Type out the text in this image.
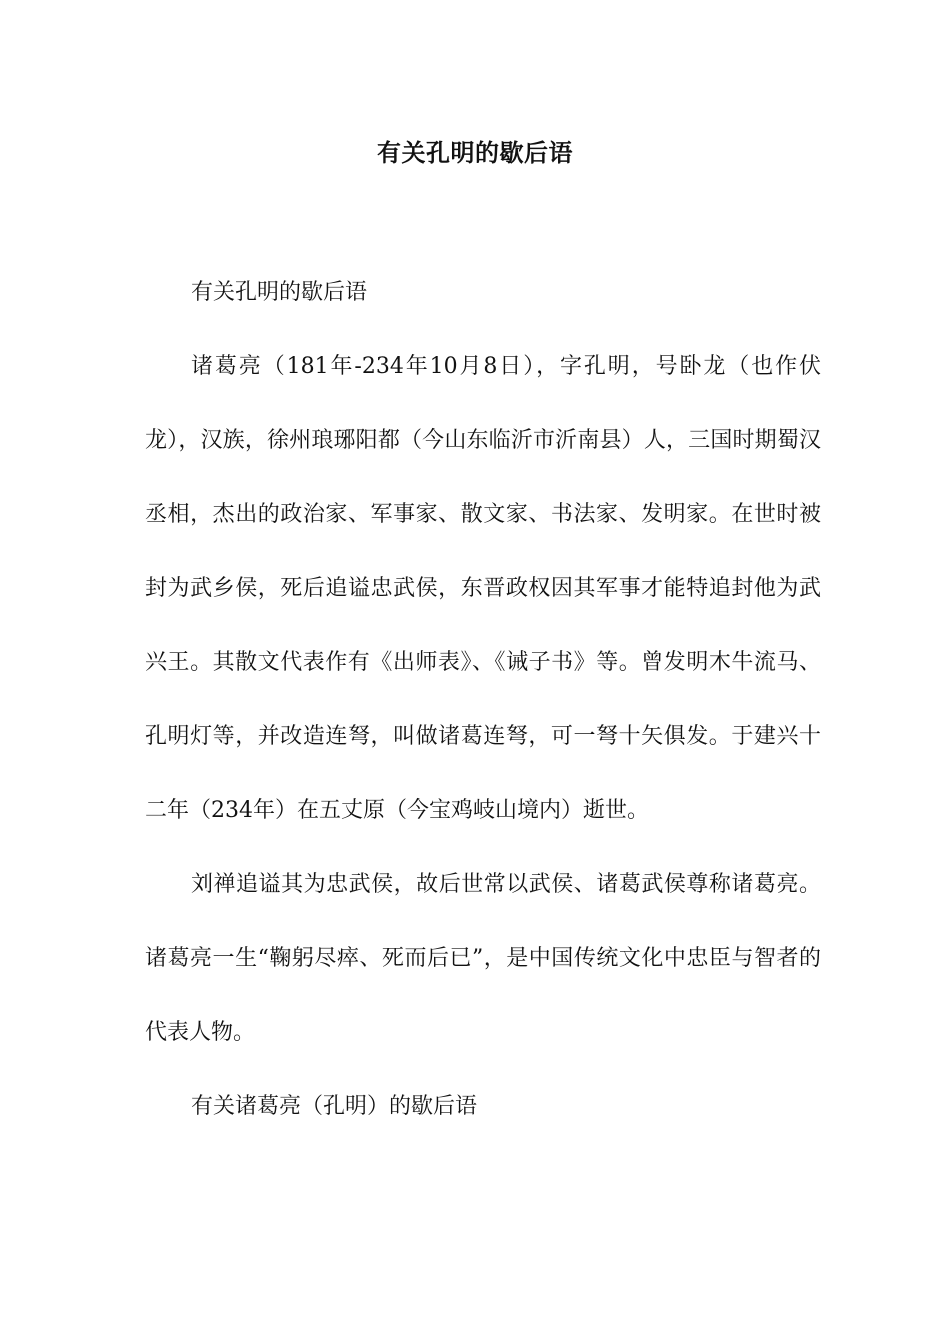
有关孔明的歇后语

有关孔明的歇后语

诸葛亮（181年-234年10月8日），字孔明，号卧龙（也作伏龙），汉族，徐州琅琊阳都（今山东临沂市沂南县）人，三国时期蜀汉丞相，杰出的政治家、军事家、散文家、书法家、发明家。在世时被封为武乡侯，死后追谥忠武侯，东晋政权因其军事才能特追封他为武兴王。其散文代表作有《出师表》、《诫子书》等。曾发明木牛流马、孔明灯等，并改造连弩，叫做诸葛连弩，可一弩十矢俱发。于建兴十二年（234年）在五丈原（今宝鸡岐山境内）逝世。

刘禅追谥其为忠武侯，故后世常以武侯、诸葛武侯尊称诸葛亮。诸葛亮一生“鞠躬尽瘁、死而后已”，是中国传统文化中忠臣与智者的代表人物。

有关诸葛亮（孔明）的歇后语
